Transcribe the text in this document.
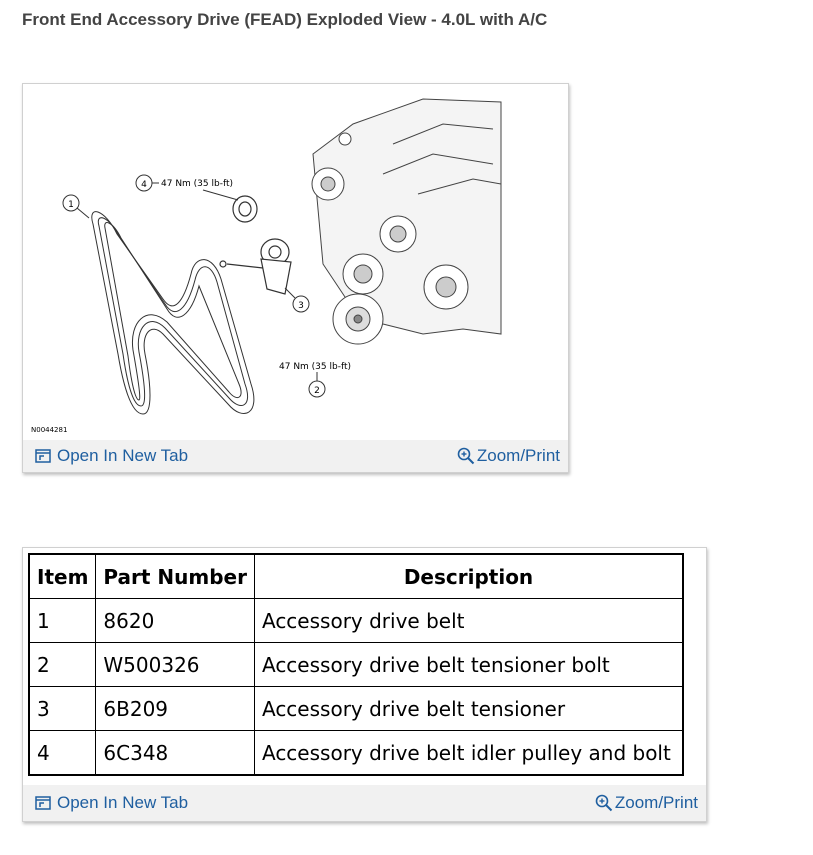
Front End Accessory Drive (FEAD) Exploded View - 4.0L with A/C
1
4 47 Nm (35 lb-ft)
3
47 Nm (35 lb-ft)
2
N0044281
Open In New Tab	Zoom/Print
Item	Part Number	Description
1	8620	Accessory drive belt
2	W500326	Accessory drive belt tensioner bolt
3	6B209	Accessory drive belt tensioner
4	6C348	Accessory drive belt idler pulley and bolt
Open In New Tab	Zoom/Print
